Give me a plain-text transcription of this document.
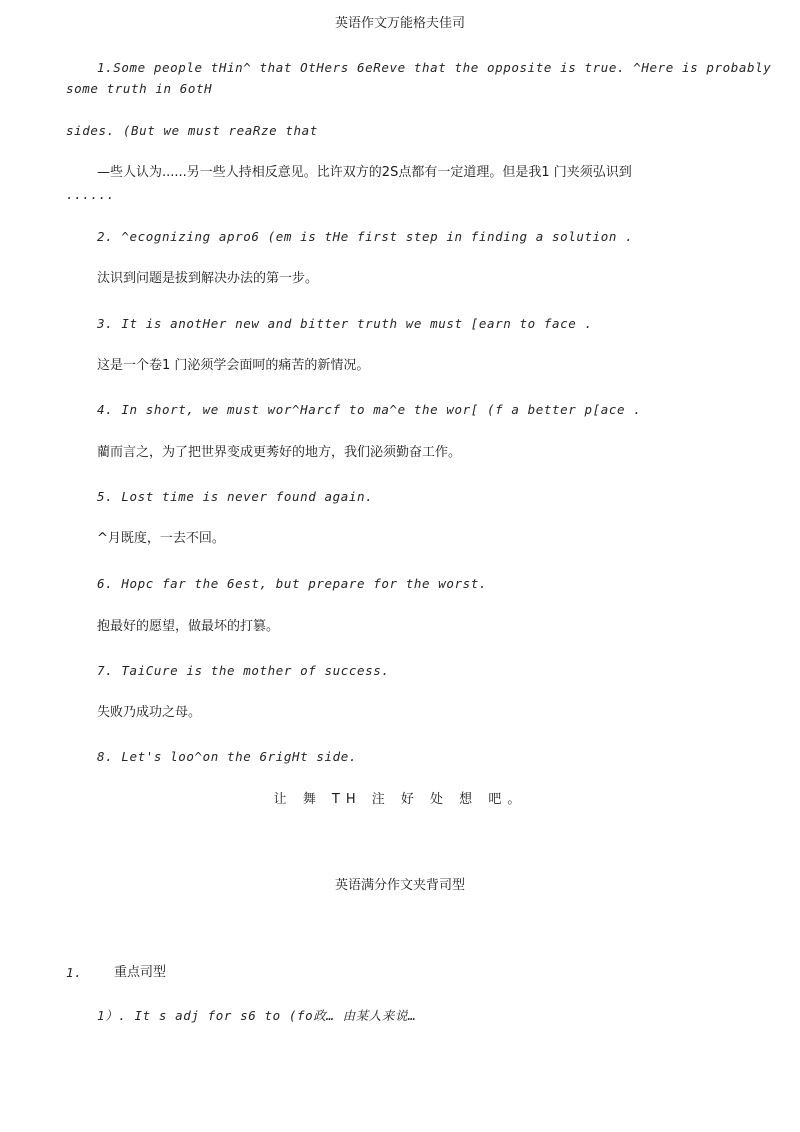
英语作文万能格夫佳司

1.Some people tHin^ that OtHers 6eReve that the opposite is true. ^Here is probably

some truth in 6otH

sides. (But we must reaRze that

—些人认为......另一些人持相反意见。比许双方的2S点都有一定道理。但是我1 门夹须弘识到

......

2. ^ecognizing apro6 (em is tHe first step in finding a solution .

汰识到问题是拔到解决办法的第一步。

3. It is anotHer new and bitter truth we must [earn to face .

这是一个卷1 门泌须学会面呵的痛苦的新情况。

4. In short, we must wor^Harcf to ma^e the wor[ (f a better p[ace .

藺而言之，为了把世界变成更莠好的地方，我们泌须勤奋工作。

5. Lost time is never found again.

^月既度，一去不回。

6. Hopc far the 6est, but prepare for the worst.

抱最好的愿望，做最坏的打篡。

7. TaiCure is the mother of success.

失败乃成功之母。

8. Let's loo^on the 6rigHt side.

让 舞 TH 注 好 处 想 吧。

英语满分作文夹背司型

1. 重点司型

1）. It s adj for s6 to (fo政… 由某人来说…
